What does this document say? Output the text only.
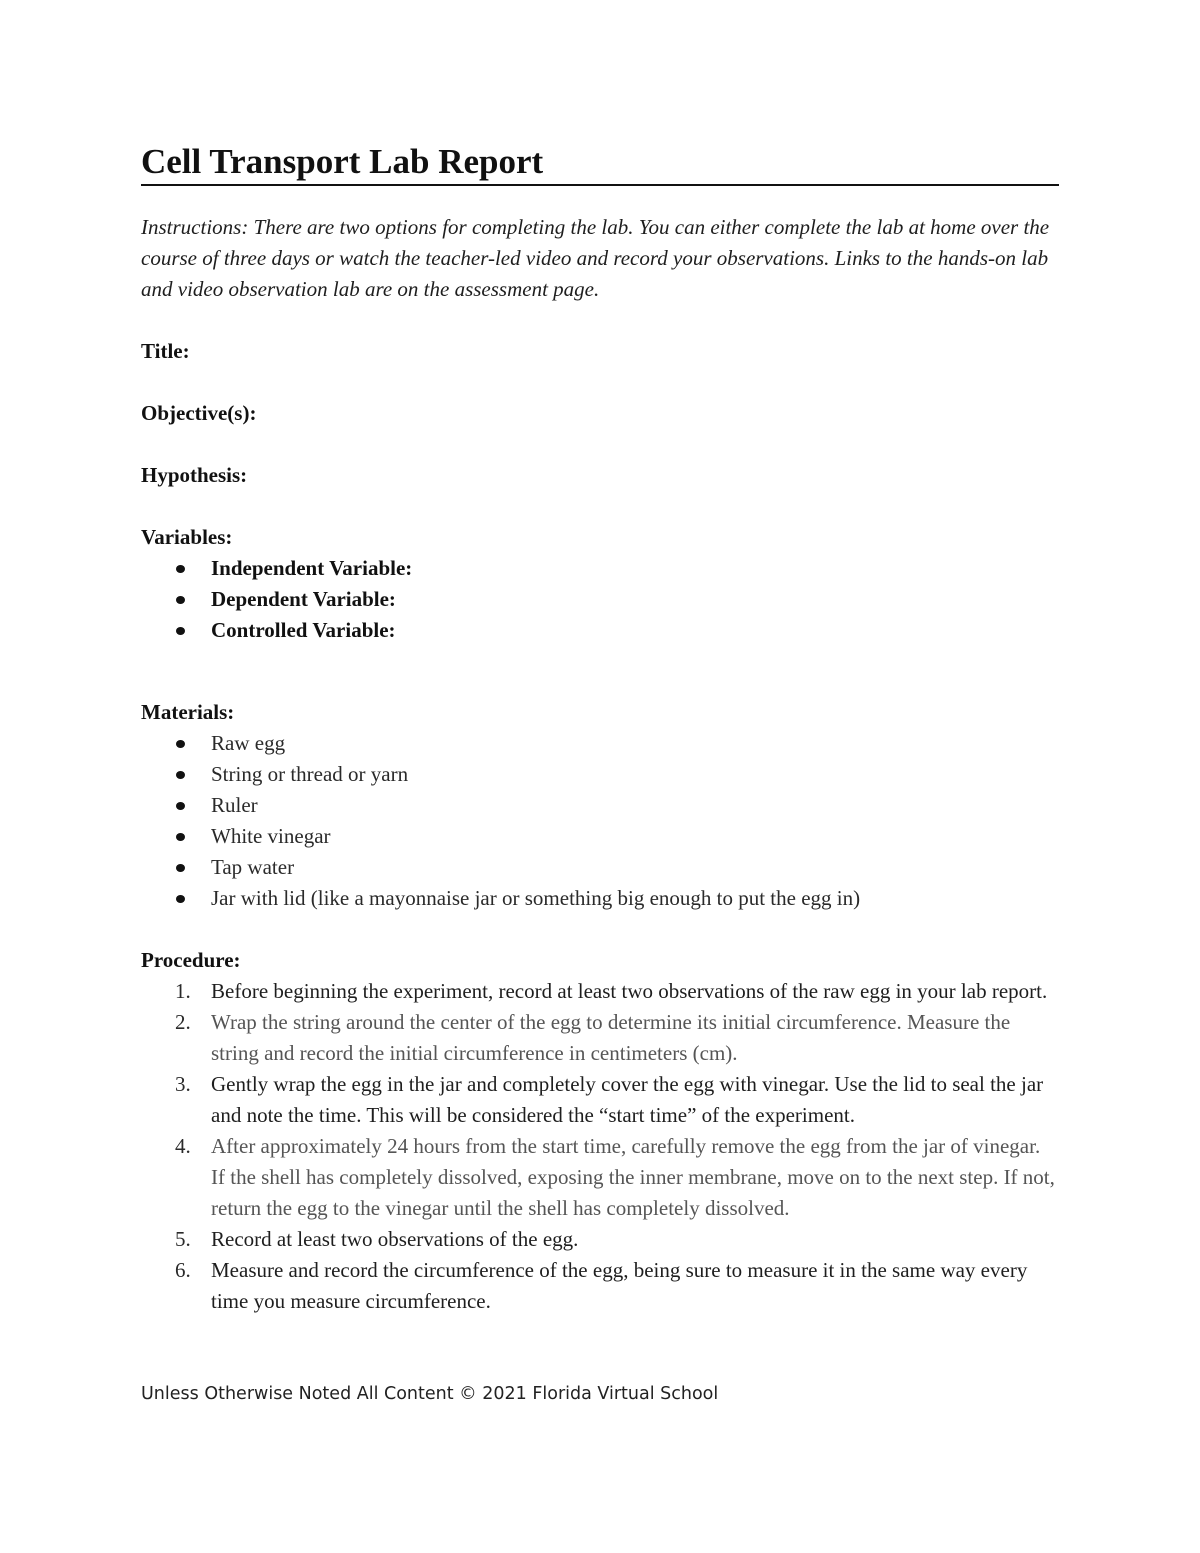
Cell Transport Lab Report

Instructions: There are two options for completing the lab. You can either complete the lab at home over the course of three days or watch the teacher-led video and record your observations. Links to the hands-on lab and video observation lab are on the assessment page.

Title:

Objective(s):

Hypothesis:

Variables:

Independent Variable:
Dependent Variable:
Controlled Variable:

Materials:

Raw egg
String or thread or yarn
Ruler
White vinegar
Tap water
Jar with lid (like a mayonnaise jar or something big enough to put the egg in)

Procedure:

1. Before beginning the experiment, record at least two observations of the raw egg in your lab report.
2. Wrap the string around the center of the egg to determine its initial circumference. Measure the string and record the initial circumference in centimeters (cm).
3. Gently wrap the egg in the jar and completely cover the egg with vinegar. Use the lid to seal the jar and note the time. This will be considered the “start time” of the experiment.
4. After approximately 24 hours from the start time, carefully remove the egg from the jar of vinegar. If the shell has completely dissolved, exposing the inner membrane, move on to the next step. If not, return the egg to the vinegar until the shell has completely dissolved.
5. Record at least two observations of the egg.
6. Measure and record the circumference of the egg, being sure to measure it in the same way every time you measure circumference.
Unless Otherwise Noted All Content © 2021 Florida Virtual School
